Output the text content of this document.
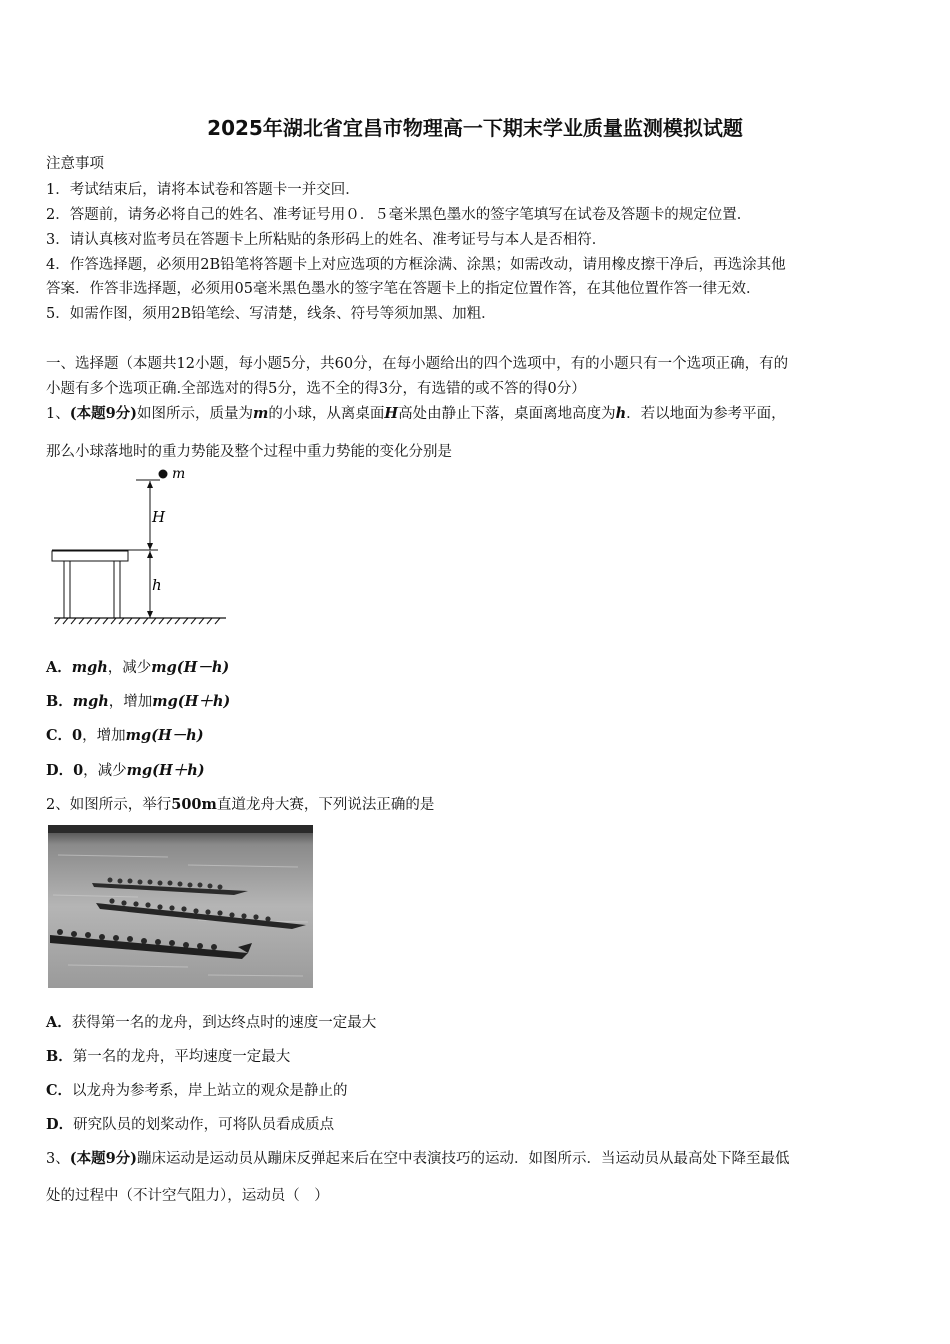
2025年湖北省宜昌市物理高一下期末学业质量监测模拟试题
注意事项
1．考试结束后，请将本试卷和答题卡一并交回．
2．答题前，请务必将自己的姓名、准考证号用０．５毫米黑色墨水的签字笔填写在试卷及答题卡的规定位置．
3．请认真核对监考员在答题卡上所粘贴的条形码上的姓名、准考证号与本人是否相符．
4．作答选择题，必须用2B铅笔将答题卡上对应选项的方框涂满、涂黑；如需改动，请用橡皮擦干净后，再选涂其他
答案．作答非选择题，必须用05毫米黑色墨水的签字笔在答题卡上的指定位置作答，在其他位置作答一律无效．
5．如需作图，须用2B铅笔绘、写清楚，线条、符号等须加黑、加粗．
一、选择题（本题共12小题，每小题5分，共60分，在每小题给出的四个选项中，有的小题只有一个选项正确，有的
小题有多个选项正确.全部选对的得5分，选不全的得3分，有选错的或不答的得0分）
1、(本题9分)如图所示，质量为m的小球，从离桌面H高处由静止下落，桌面离地高度为h．若以地面为参考平面，
那么小球落地时的重力势能及整个过程中重力势能的变化分别是
m
H
h
A．mgh，减少mg(H－h)
B．mgh，增加mg(H＋h)
C．0，增加mg(H－h)
D．0，减少mg(H＋h)
2、如图所示，举行500m直道龙舟大赛，下列说法正确的是
A．获得第一名的龙舟，到达终点时的速度一定最大
B．第一名的龙舟，平均速度一定最大
C．以龙舟为参考系，岸上站立的观众是静止的
D．研究队员的划桨动作，可将队员看成质点
3、(本题9分)蹦床运动是运动员从蹦床反弹起来后在空中表演技巧的运动．如图所示．当运动员从最高处下降至最低
处的过程中（不计空气阻力），运动员（　）
